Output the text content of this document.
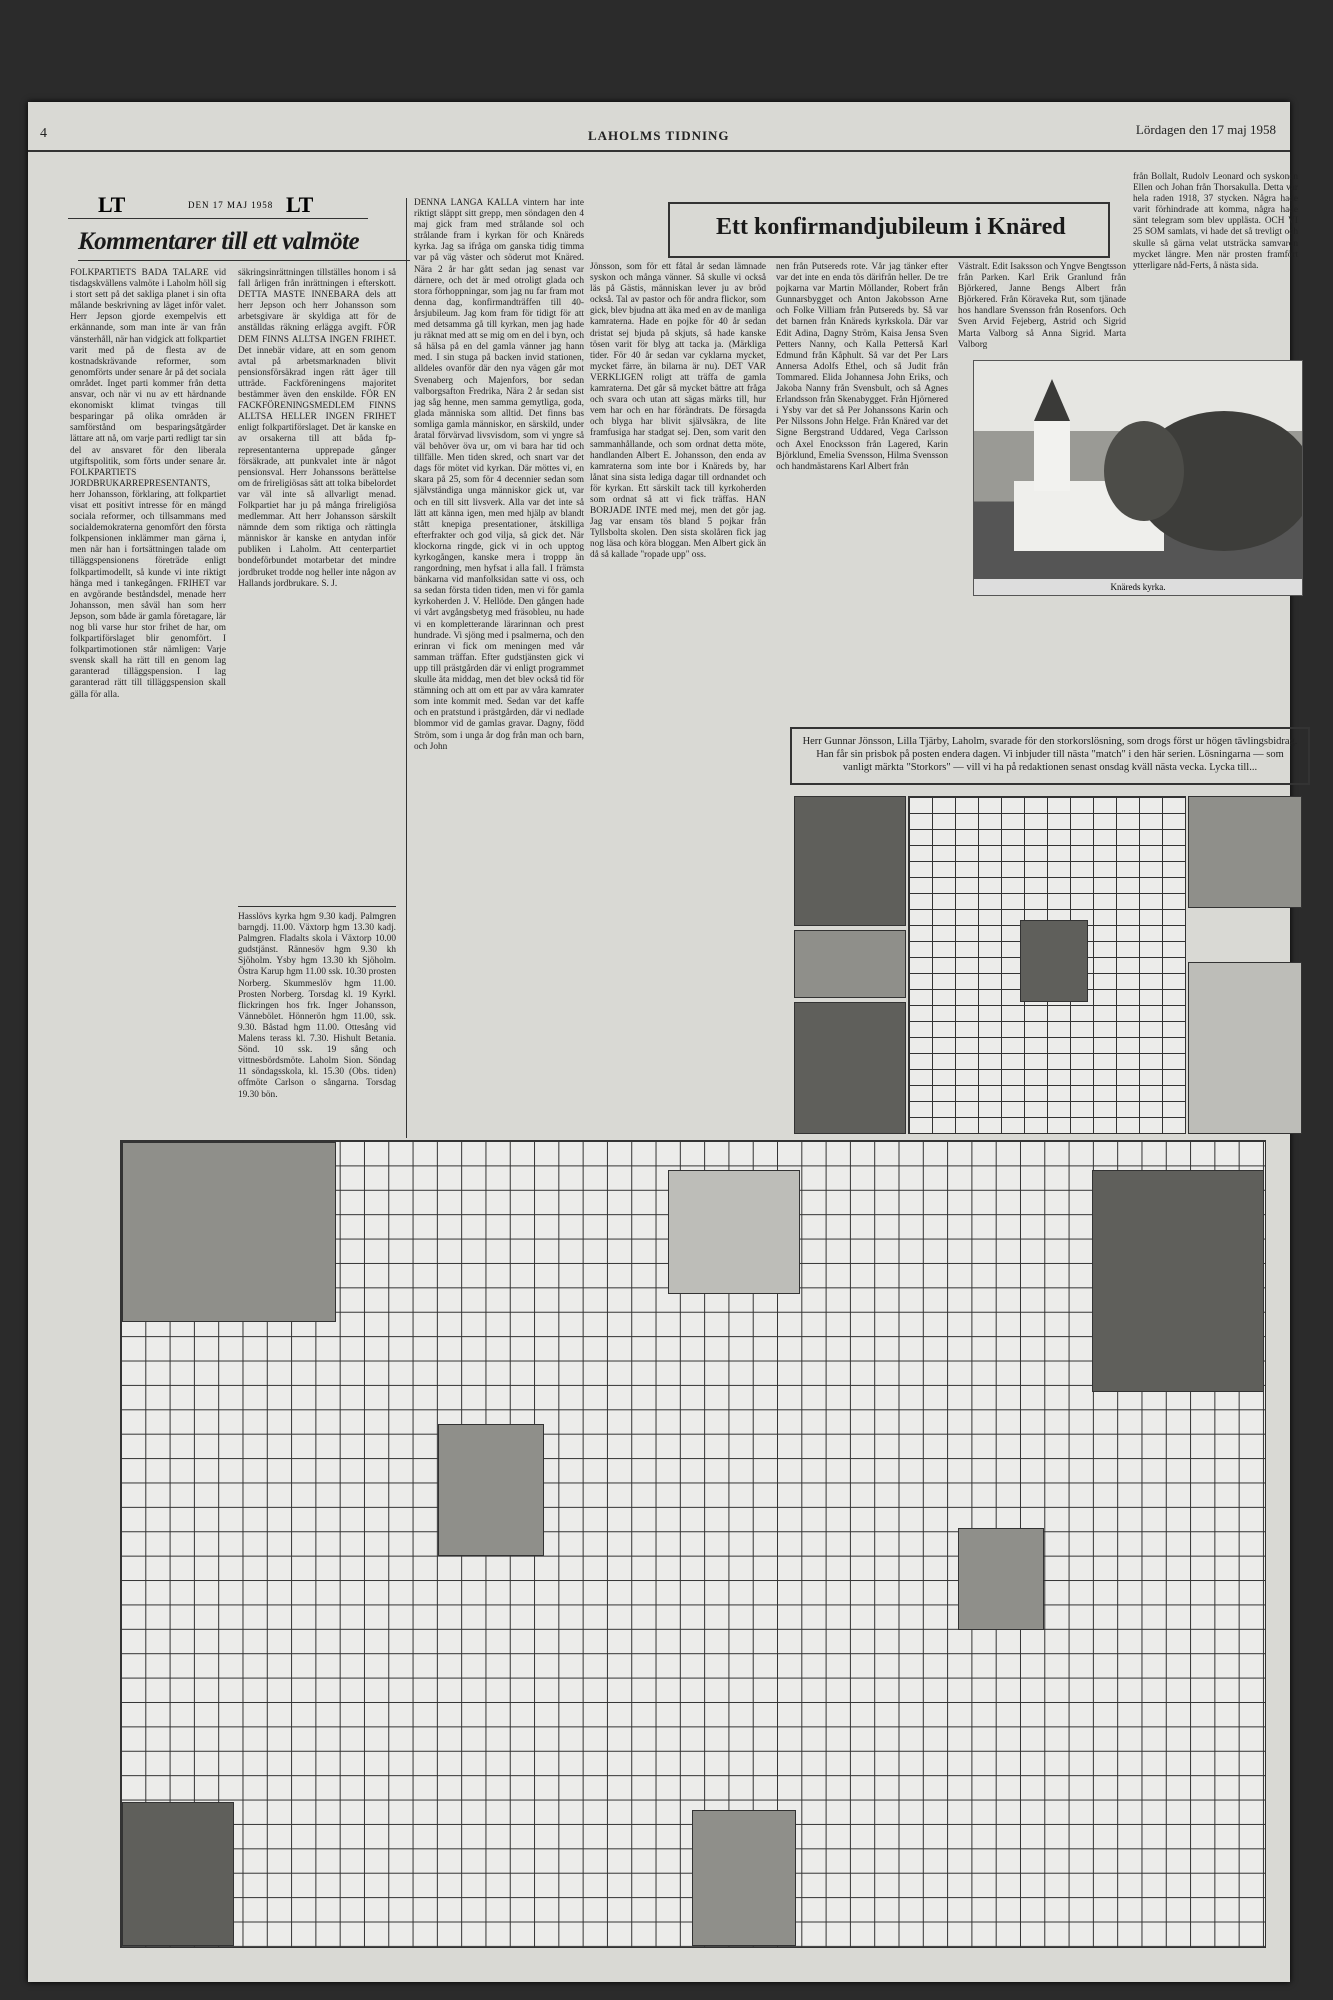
4	LAHOLMS TIDNING	Lördagen den 17 maj 1958
LT	DEN 17 MAJ 1958 LT
Kommentarer till ett valmöte
FOLKPARTIETS BADA TALARE vid tisdagskvällens valmöte i Laholm höll sig i stort sett på det sakliga planet i sin ofta målande beskrivning av läget inför valet. Herr Jepson gjorde exempelvis ett erkännande, som man inte är van från vänsterhåll, när han vidgick att folkpartiet varit med på de flesta av de kostnadskrävande reformer, som genomförts under senare år på det sociala området. Inget parti kommer från detta ansvar, och när vi nu av ett härdnande ekonomiskt klimat tvingas till besparingar på olika områden är samförstånd om besparingsåtgärder lättare att nå, om varje parti redligt tar sin del av ansvaret för den liberala utgiftspolitik, som förts under senare år. FOLKPARTIETS JORDBRUKARREPRESENTANTS, herr Johansson, förklaring, att folkpartiet visat ett positivt intresse för en mängd sociala reformer, och tillsammans med socialdemokraterna genomfört den första folkpensionen inklämmer man gärna i, men när han i fortsättningen talade om tilläggspensionens företräde enligt folkpartimodellt, så kunde vi inte riktigt hänga med i tankegången. FRIHET var en avgörande beståndsdel, menade herr Johansson, men såväl han som herr Jepson, som både är gamla företagare, lär nog bli varse hur stor frihet de har, om folkpartiförslaget blir genomfört. I folkpartimotionen står nämligen: Varje svensk skall ha rätt till en genom lag garanterad tilläggspension. I lag garanterad rätt till tilläggspension skall gälla för alla.
säkringsinrättningen tillställes honom i så fall årligen från inrättningen i efterskott. DETTA MASTE INNEBARA dels att herr Jepson och herr Johansson som arbetsgivare är skyldiga att för de anställdas räkning erlägga avgift. FÖR DEM FINNS ALLTSA INGEN FRIHET. Det innebär vidare, att en som genom avtal på arbetsmarknaden blivit pensionsförsäkrad ingen rätt äger till utträde. Fackföreningens majoritet bestämmer även den enskilde. FÖR EN FACKFÖRENINGSMEDLEM FINNS ALLTSA HELLER INGEN FRIHET enligt folkpartiförslaget. Det är kanske en av orsakerna till att båda fp-representanterna upprepade gånger försäkrade, att punkvalet inte är något pensionsval. Herr Johanssons berättelse om de frireligiösas sätt att tolka bibelordet var väl inte så allvarligt menad. Folkpartiet har ju på många frireligiösa medlemmar. Att herr Johansson särskilt nämnde dem som riktiga och rättingla människor är kanske en antydan inför publiken i Laholm. Att centerpartiet bondeförbundet motarbetar det mindre jordbruket trodde nog heller inte någon av Hallands jordbrukare. S. J.
Hasslövs kyrka hgm 9.30 kadj. Palmgren barngdj. 11.00. Växtorp hgm 13.30 kadj. Palmgren. Fladalts skola i Växtorp 10.00 gudstjänst. Rännesöv hgm 9.30 kh Sjöholm. Ysby hgm 13.30 kh Sjöholm. Östra Karup hgm 11.00 ssk. 10.30 prosten Norberg. Skummeslöv hgm 11.00. Prosten Norberg. Torsdag kl. 19 Kyrkl. flickringen hos frk. Inger Johansson, Vännebölet. Hönnerön hgm 11.00, ssk. 9.30. Båstad hgm 11.00. Ottesång vid Malens terass kl. 7.30. Hishult Betania. Sönd. 10 ssk. 19 sång och vittnesbördsmöte. Laholm Sion. Söndag 11 söndagsskola, kl. 15.30 (Obs. tiden) offmöte Carlson o sångarna. Torsdag 19.30 bön.
DENNA LANGA KALLA vintern har inte riktigt släppt sitt grepp, men söndagen den 4 maj gick fram med strålande sol och strålande fram i kyrkan för och Knäreds kyrka. Jag sa ifråga om ganska tidig timma var på väg väster och söderut mot Knäred. Nära 2 år har gått sedan jag senast var därnere, och det är med otroligt glada och stora förhoppningar, som jag nu far fram mot denna dag, konfirmandträffen till 40-årsjubileum. Jag kom fram för tidigt för att med detsamma gå till kyrkan, men jag hade ju räknat med att se mig om en del i byn, och så hälsa på en del gamla vänner jag hann med. I sin stuga på backen invid stationen, alldeles ovanför där den nya vägen går mot Svenaberg och Majenfors, bor sedan valborgsafton Fredrika, Nära 2 år sedan sist jag såg henne, men samma gemytliga, goda, glada människa som alltid. Det finns bas somliga gamla människor, en särskild, under åratal förvärvad livsvisdom, som vi yngre så väl behöver öva ur, om vi bara har tid och tillfälle. Men tiden skred, och snart var det dags för mötet vid kyrkan. Där möttes vi, en skara på 25, som för 4 decennier sedan som självständiga unga människor gick ut, var och en till sitt livsverk. Alla var det inte så lätt att känna igen, men med hjälp av blandt stått knepiga presentationer, ätskilliga efterfrakter och god vilja, så gick det. När klockorna ringde, gick vi in och upptog kyrkogången, kanske mera i troppp än rangordning, men hyfsat i alla fall. I främsta bänkarna vid manfolksidan satte vi oss, och sa sedan första tiden tiden, men vi för gamla kyrkoherden J. V. Hellöde. Den gången hade vi vårt avgångsbetyg med fräsobleu, nu hade vi en kompletterande lärarinnan och prest hundrade. Vi sjöng med i psalmerna, och den erinran vi fick om meningen med vår samman träffan. Efter gudstjänsten gick vi upp till prästgården där vi enligt programmet skulle äta middag, men det blev också tid för stämning och att om ett par av våra kamrater som inte kommit med. Sedan var det kaffe och en pratstund i prästgården, där vi nedlade blommor vid de gamlas gravar. Dagny, född Ström, som i unga år dog från man och barn, och John
Ett konfirmandjubileum i Knäred
Jönsson, som för ett fåtal år sedan lämnade syskon och många vänner. Så skulle vi också läs på Gästis, människan lever ju av bröd också. Tal av pastor och för andra flickor, som gick, blev bjudna att äka med en av de manliga kamraterna. Hade en pojke för 40 år sedan dristat sej bjuda på skjuts, så hade kanske tösen varit för blyg att tacka ja. (Märkliga tider. För 40 år sedan var cyklarna mycket, mycket färre, än bilarna är nu). DET VAR VERKLIGEN roligt att träffa de gamla kamraterna. Det går så mycket bättre att fråga och svara och utan att sägas märks till, hur vem har och en har förändrats. De försagda och blyga har blivit självsäkra, de lite framfusiga har stadgat sej. Den, som varit den sammanhållande, och som ordnat detta möte, handlanden Albert E. Johansson, den enda av kamraterna som inte bor i Knäreds by, har lånat sina sista lediga dagar till ordnandet och för kyrkan. Ett särskilt tack till kyrkoherden som ordnat så att vi fick träffas. HAN BORJADE INTE med mej, men det gör jag. Jag var ensam tös bland 5 pojkar från Tyllsbolta skolen. Den sista skolåren fick jag nog läsa och köra bloggan. Men Albert gick än då så kallade "ropade upp" oss.
nen från Putsereds rote. Vår jag tänker efter var det inte en enda tös därifrån heller. De tre pojkarna var Martin Möllander, Robert från Gunnarsbygget och Anton Jakobsson Arne och Folke Villiam från Putsereds by. Så var det barnen från Knäreds kyrkskola. Där var Edit Adina, Dagny Ström, Kaisa Jensa Sven Petters Nanny, och Kalla Petterså Karl Edmund från Kåphult. Så var det Per Lars Annersa Adolfs Ethel, och så Judit från Tommared. Elida Johannesa John Eriks, och Jakoba Nanny från Svensbult, och så Agnes Erlandsson från Skenabygget. Från Hjörnered i Ysby var det så Per Johanssons Karin och Per Nilssons John Helge. Från Knäred var det Signe Bergstrand Uddared, Vega Carlsson och Axel Enocksson från Lagered, Karin Björklund, Emelia Svensson, Hilma Svensson och handmästarens Karl Albert från
Västralt. Edit Isaksson och Yngve Bengtsson från Parken. Karl Erik Granlund från Björkered, Janne Bengs Albert från Björkered. Från Köraveka Rut, som tjänade hos handlare Svensson från Rosenfors. Och Sven Arvid Fejeberg, Astrid och Sigrid Marta Valborg så Anna Sigrid. Marta Valborg
från Bollalt, Rudolv Leonard och syskonen Ellen och Johan från Thorsakulla. Detta var hela raden 1918, 37 stycken. Några hade varit förhindrade att komma, några hade sänt telegram som blev upplästa. OCH VI 25 SOM samlats, vi hade det så trevligt och skulle så gärna velat utsträcka samvaron mycket längre. Men när prosten framfört ytterligare nåd-Ferts, å nästa sida.
Knäreds kyrka.
Herr Gunnar Jönsson, Lilla Tjärby, Laholm, svarade för den storkorslösning, som drogs först ur högen tävlingsbidrag. Han får sin prisbok på posten endera dagen. Vi inbjuder till nästa "match" i den här serien. Lösningarna — som vanligt märkta "Storkors" — vill vi ha på redaktionen senast onsdag kväll nästa vecka. Lycka till...
